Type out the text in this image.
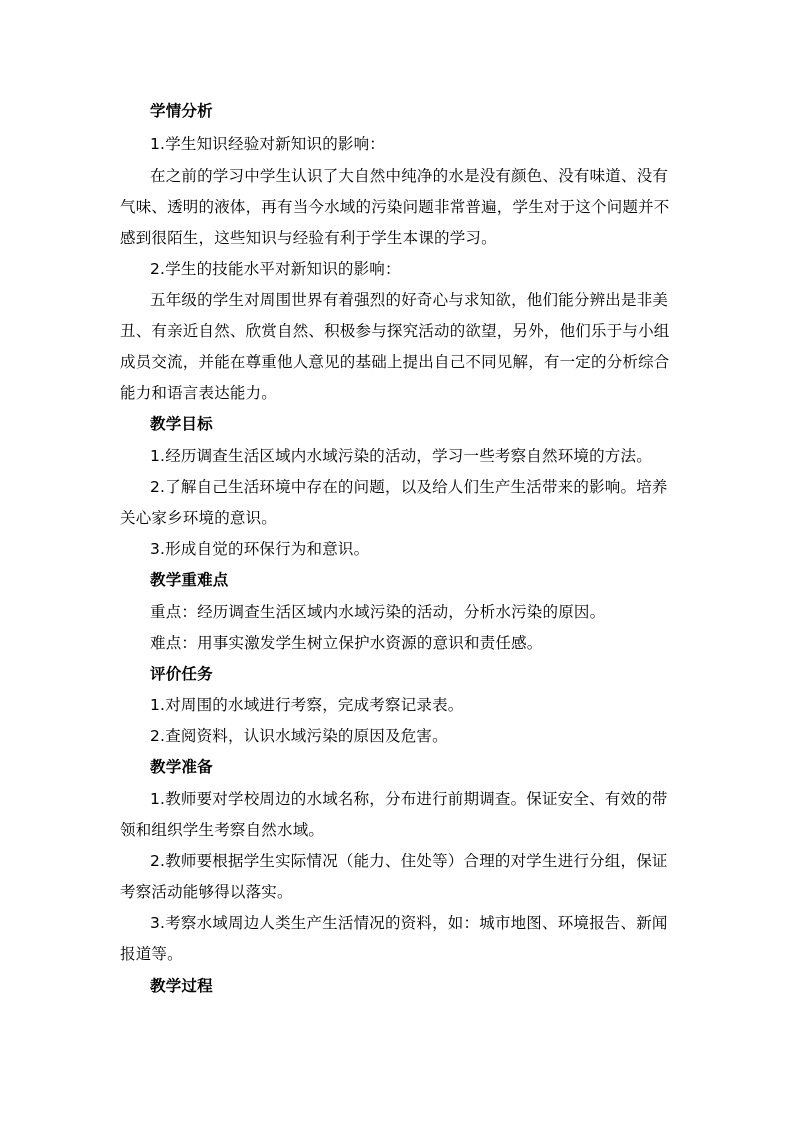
学情分析
1.学生知识经验对新知识的影响：
在之前的学习中学生认识了大自然中纯净的水是没有颜色、没有味道、没有
气味、透明的液体，再有当今水域的污染问题非常普遍，学生对于这个问题并不
感到很陌生，这些知识与经验有利于学生本课的学习。
2.学生的技能水平对新知识的影响：
五年级的学生对周围世界有着强烈的好奇心与求知欲，他们能分辨出是非美
丑、有亲近自然、欣赏自然、积极参与探究活动的欲望，另外，他们乐于与小组
成员交流，并能在尊重他人意见的基础上提出自己不同见解，有一定的分析综合
能力和语言表达能力。
教学目标
1.经历调查生活区域内水域污染的活动，学习一些考察自然环境的方法。
2.了解自己生活环境中存在的问题，以及给人们生产生活带来的影响。培养
关心家乡环境的意识。
3.形成自觉的环保行为和意识。
教学重难点
重点：经历调查生活区域内水域污染的活动，分析水污染的原因。
难点：用事实激发学生树立保护水资源的意识和责任感。
评价任务
1.对周围的水域进行考察，完成考察记录表。
2.查阅资料，认识水域污染的原因及危害。
教学准备
1.教师要对学校周边的水域名称，分布进行前期调查。保证安全、有效的带
领和组织学生考察自然水域。
2.教师要根据学生实际情况（能力、住处等）合理的对学生进行分组，保证
考察活动能够得以落实。
3.考察水域周边人类生产生活情况的资料，如：城市地图、环境报告、新闻
报道等。
教学过程
